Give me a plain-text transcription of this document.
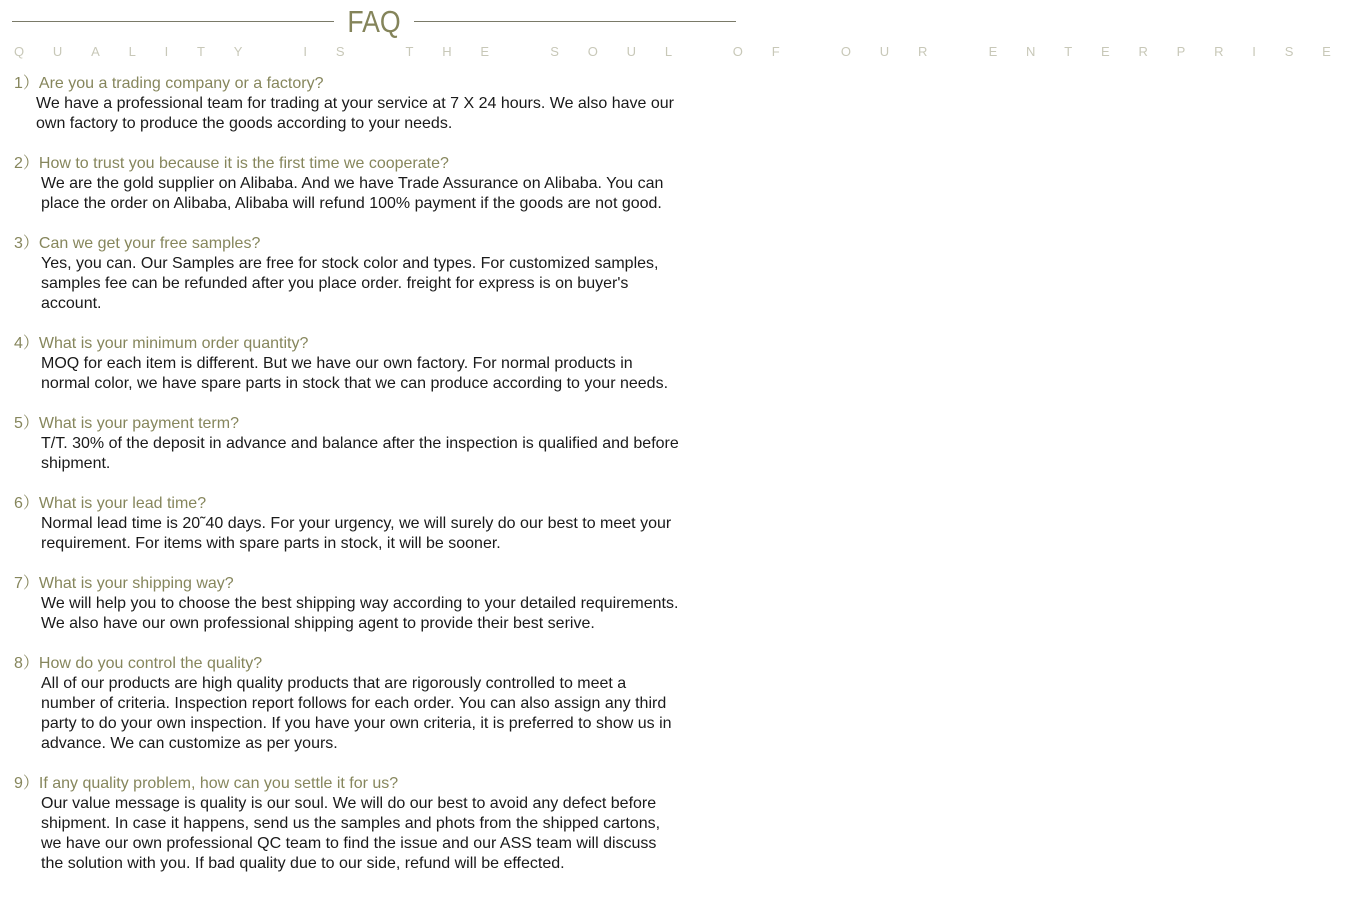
FAQ
QUALITY IS THE SOUL OF OUR ENTERPRISE
1）Are you a trading company or a factory?
We have a professional team for trading at your service at 7 X 24 hours. We also have our
own factory to produce the goods according to your needs.
2）How to trust you because it is the first time we cooperate?
We are the gold supplier on Alibaba. And we have Trade Assurance on Alibaba. You can
place the order on Alibaba, Alibaba will refund 100% payment if the goods are not good.
3）Can we get your free samples?
Yes, you can. Our Samples are free for stock color and types. For customized samples,
samples fee can be refunded after you place order. freight for express is on buyer's
account.
4）What is your minimum order quantity?
MOQ for each item is different. But we have our own factory. For normal products in
normal color, we have spare parts in stock that we can produce according to your needs.
5）What is your payment term?
T/T. 30% of the deposit in advance and balance after the inspection is qualified and before
shipment.
6）What is your lead time?
Normal lead time is 20˜40 days. For your urgency, we will surely do our best to meet your
requirement. For items with spare parts in stock, it will be sooner.
7）What is your shipping way?
We will help you to choose the best shipping way according to your detailed requirements.
We also have our own professional shipping agent to provide their best serive.
8）How do you control the quality?
All of our products are high quality products that are rigorously controlled to meet a
number of criteria. Inspection report follows for each order. You can also assign any third
party to do your own inspection. If you have your own criteria, it is preferred to show us in
advance. We can customize as per yours.
9）If any quality problem, how can you settle it for us?
Our value message is quality is our soul. We will do our best to avoid any defect before
shipment. In case it happens, send us the samples and phots from the shipped cartons,
we have our own professional QC team to find the issue and our ASS team will discuss
the solution with you. If bad quality due to our side, refund will be effected.
